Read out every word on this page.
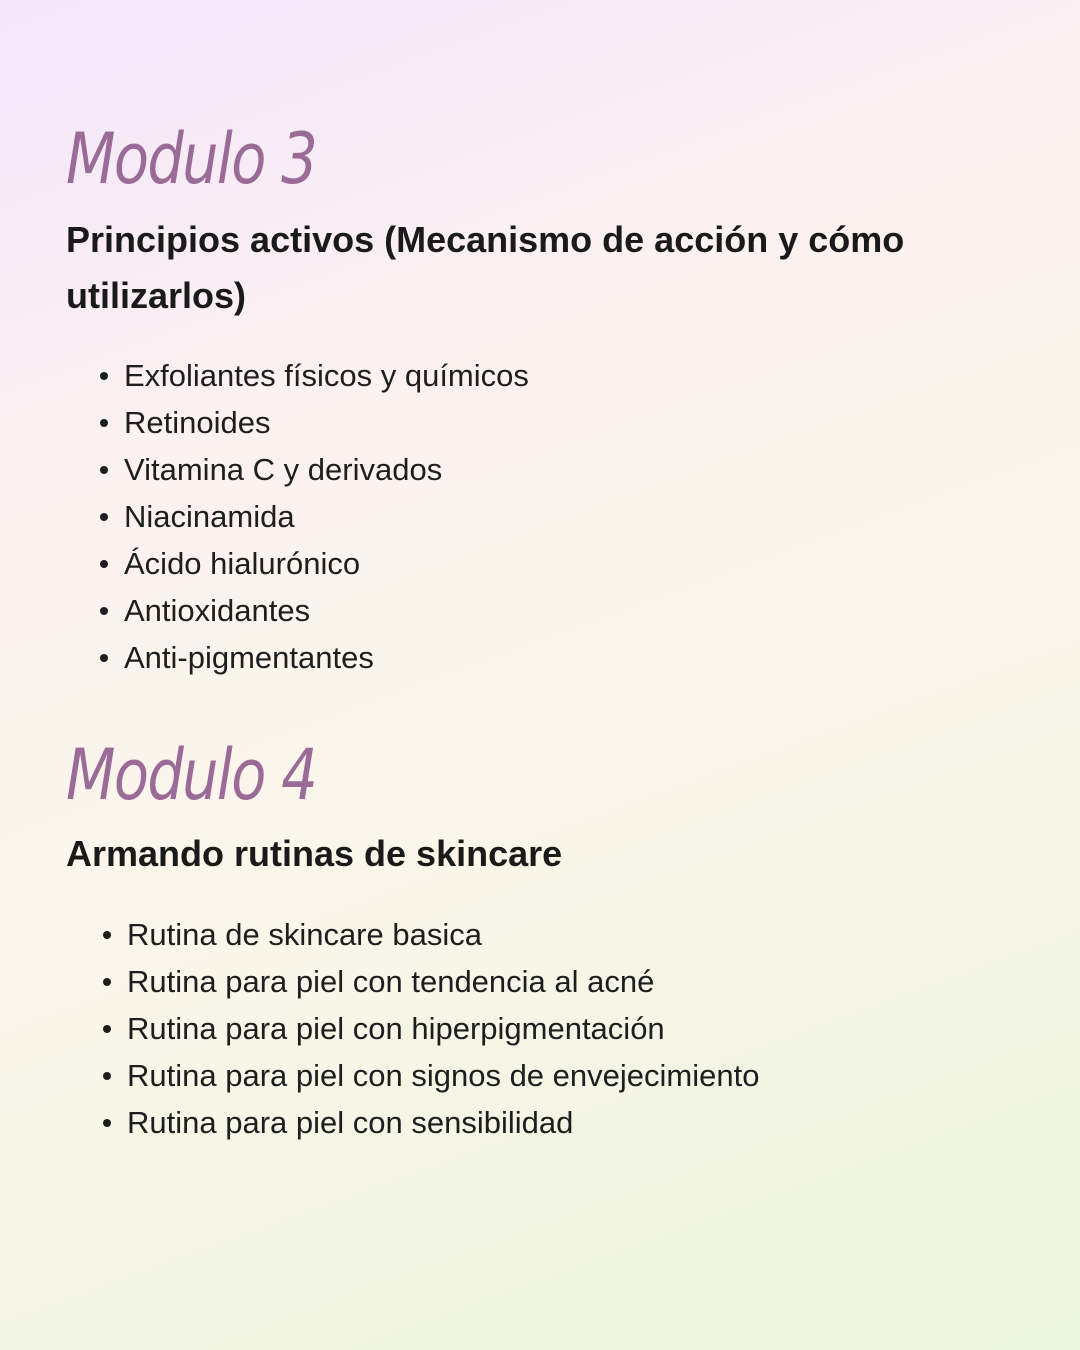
Modulo 3
Principios activos (Mecanismo de acción y cómo utilizarlos)
Exfoliantes físicos y químicos
Retinoides
Vitamina C y derivados
Niacinamida
Ácido hialurónico
Antioxidantes
Anti-pigmentantes
Modulo 4
Armando rutinas de skincare
Rutina de skincare basica
Rutina para piel con tendencia al acné
Rutina para piel con hiperpigmentación
Rutina para piel con signos de envejecimiento
Rutina para piel con sensibilidad
